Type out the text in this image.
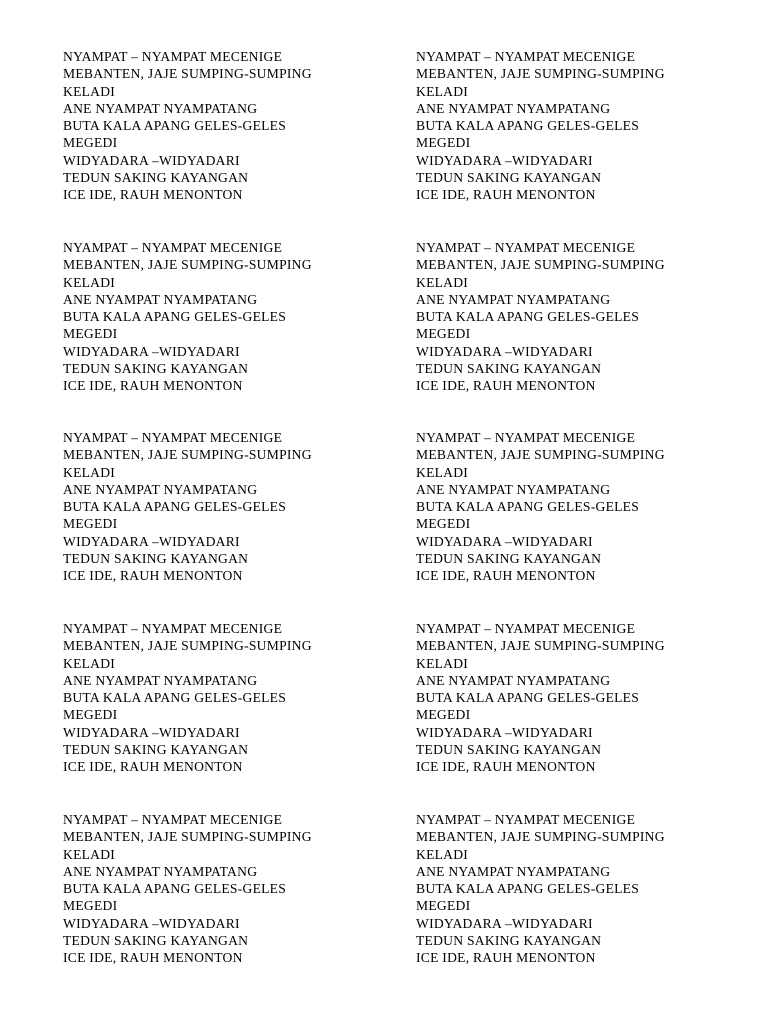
NYAMPAT – NYAMPAT MECENIGE
MEBANTEN, JAJE SUMPING-SUMPING
KELADI
ANE NYAMPAT NYAMPATANG
BUTA KALA APANG GELES-GELES
MEGEDI
WIDYADARA –WIDYADARI
TEDUN SAKING KAYANGAN
ICE IDE, RAUH MENONTON
NYAMPAT – NYAMPAT MECENIGE
MEBANTEN, JAJE SUMPING-SUMPING
KELADI
ANE NYAMPAT NYAMPATANG
BUTA KALA APANG GELES-GELES
MEGEDI
WIDYADARA –WIDYADARI
TEDUN SAKING KAYANGAN
ICE IDE, RAUH MENONTON
NYAMPAT – NYAMPAT MECENIGE
MEBANTEN, JAJE SUMPING-SUMPING
KELADI
ANE NYAMPAT NYAMPATANG
BUTA KALA APANG GELES-GELES
MEGEDI
WIDYADARA –WIDYADARI
TEDUN SAKING KAYANGAN
ICE IDE, RAUH MENONTON
NYAMPAT – NYAMPAT MECENIGE
MEBANTEN, JAJE SUMPING-SUMPING
KELADI
ANE NYAMPAT NYAMPATANG
BUTA KALA APANG GELES-GELES
MEGEDI
WIDYADARA –WIDYADARI
TEDUN SAKING KAYANGAN
ICE IDE, RAUH MENONTON
NYAMPAT – NYAMPAT MECENIGE
MEBANTEN, JAJE SUMPING-SUMPING
KELADI
ANE NYAMPAT NYAMPATANG
BUTA KALA APANG GELES-GELES
MEGEDI
WIDYADARA –WIDYADARI
TEDUN SAKING KAYANGAN
ICE IDE, RAUH MENONTON
NYAMPAT – NYAMPAT MECENIGE
MEBANTEN, JAJE SUMPING-SUMPING
KELADI
ANE NYAMPAT NYAMPATANG
BUTA KALA APANG GELES-GELES
MEGEDI
WIDYADARA –WIDYADARI
TEDUN SAKING KAYANGAN
ICE IDE, RAUH MENONTON
NYAMPAT – NYAMPAT MECENIGE
MEBANTEN, JAJE SUMPING-SUMPING
KELADI
ANE NYAMPAT NYAMPATANG
BUTA KALA APANG GELES-GELES
MEGEDI
WIDYADARA –WIDYADARI
TEDUN SAKING KAYANGAN
ICE IDE, RAUH MENONTON
NYAMPAT – NYAMPAT MECENIGE
MEBANTEN, JAJE SUMPING-SUMPING
KELADI
ANE NYAMPAT NYAMPATANG
BUTA KALA APANG GELES-GELES
MEGEDI
WIDYADARA –WIDYADARI
TEDUN SAKING KAYANGAN
ICE IDE, RAUH MENONTON
NYAMPAT – NYAMPAT MECENIGE
MEBANTEN, JAJE SUMPING-SUMPING
KELADI
ANE NYAMPAT NYAMPATANG
BUTA KALA APANG GELES-GELES
MEGEDI
WIDYADARA –WIDYADARI
TEDUN SAKING KAYANGAN
ICE IDE, RAUH MENONTON
NYAMPAT – NYAMPAT MECENIGE
MEBANTEN, JAJE SUMPING-SUMPING
KELADI
ANE NYAMPAT NYAMPATANG
BUTA KALA APANG GELES-GELES
MEGEDI
WIDYADARA –WIDYADARI
TEDUN SAKING KAYANGAN
ICE IDE, RAUH MENONTON
